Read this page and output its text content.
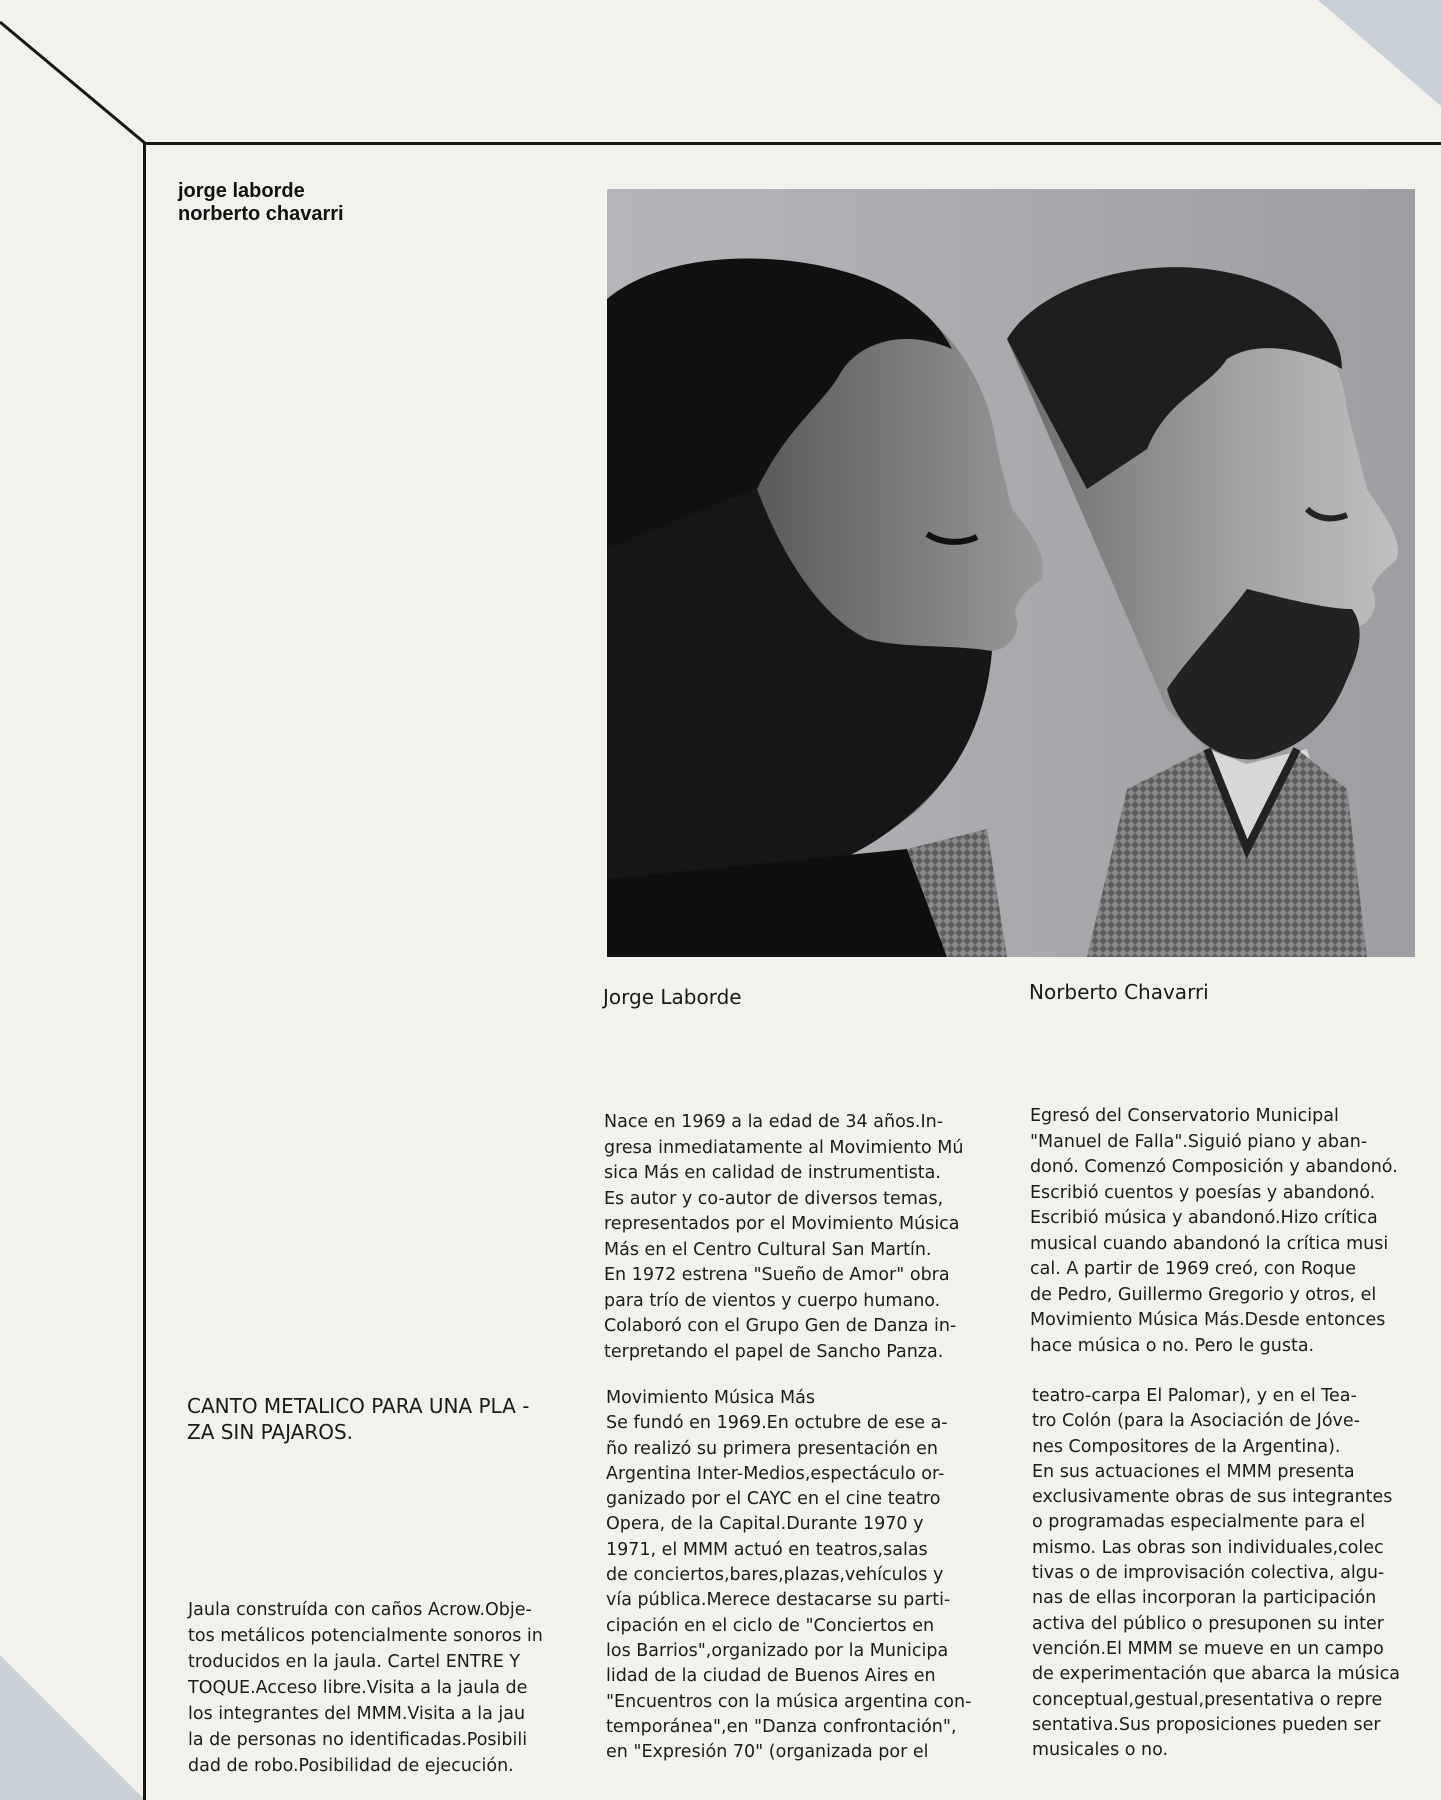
jorge laborde
norberto chavarri
Jorge Laborde	Norberto Chavarri
Nace en 1969 a la edad de 34 años.In-
gresa inmediatamente al Movimiento Mú
sica Más en calidad de instrumentista.
Es autor y co-autor de diversos temas,
representados por el Movimiento Música
Más en el Centro Cultural San Martín.
En 1972 estrena "Sueño de Amor" obra
para trío de vientos y cuerpo humano.
Colaboró con el Grupo Gen de Danza in-
terpretando el papel de Sancho Panza.
Egresó del Conservatorio Municipal
"Manuel de Falla".Siguió piano y aban-
donó. Comenzó Composición y abandonó.
Escribió cuentos y poesías y abandonó.
Escribió música y abandonó.Hizo crítica
musical cuando abandonó la crítica musi
cal. A partir de 1969 creó, con Roque
de Pedro, Guillermo Gregorio y otros, el
Movimiento Música Más.Desde entonces
hace música o no. Pero le gusta.
CANTO METALICO PARA UNA PLA -
ZA SIN PAJAROS.
Jaula construída con caños Acrow.Obje-
tos metálicos potencialmente sonoros in
troducidos en la jaula. Cartel ENTRE Y
TOQUE.Acceso libre.Visita a la jaula de
los integrantes del MMM.Visita a la jau
la de personas no identificadas.Posibili
dad de robo.Posibilidad de ejecución.
Movimiento Música Más
Se fundó en 1969.En octubre de ese a-
ño realizó su primera presentación en
Argentina Inter-Medios,espectáculo or-
ganizado por el CAYC en el cine teatro
Opera, de la Capital.Durante 1970 y
1971, el MMM actuó en teatros,salas
de conciertos,bares,plazas,vehículos y
vía pública.Merece destacarse su parti-
cipación en el ciclo de "Conciertos en
los Barrios",organizado por la Municipa
lidad de la ciudad de Buenos Aires en
"Encuentros con la música argentina con-
temporánea",en "Danza confrontación",
en "Expresión 70" (organizada por el
teatro-carpa El Palomar), y en el Tea-
tro Colón (para la Asociación de Jóve-
nes Compositores de la Argentina).
En sus actuaciones el MMM presenta
exclusivamente obras de sus integrantes
o programadas especialmente para el
mismo. Las obras son individuales,colec
tivas o de improvisación colectiva, algu-
nas de ellas incorporan la participación
activa del público o presuponen su inter
vención.El MMM se mueve en un campo
de experimentación que abarca la música
conceptual,gestual,presentativa o repre
sentativa.Sus proposiciones pueden ser
musicales o no.
